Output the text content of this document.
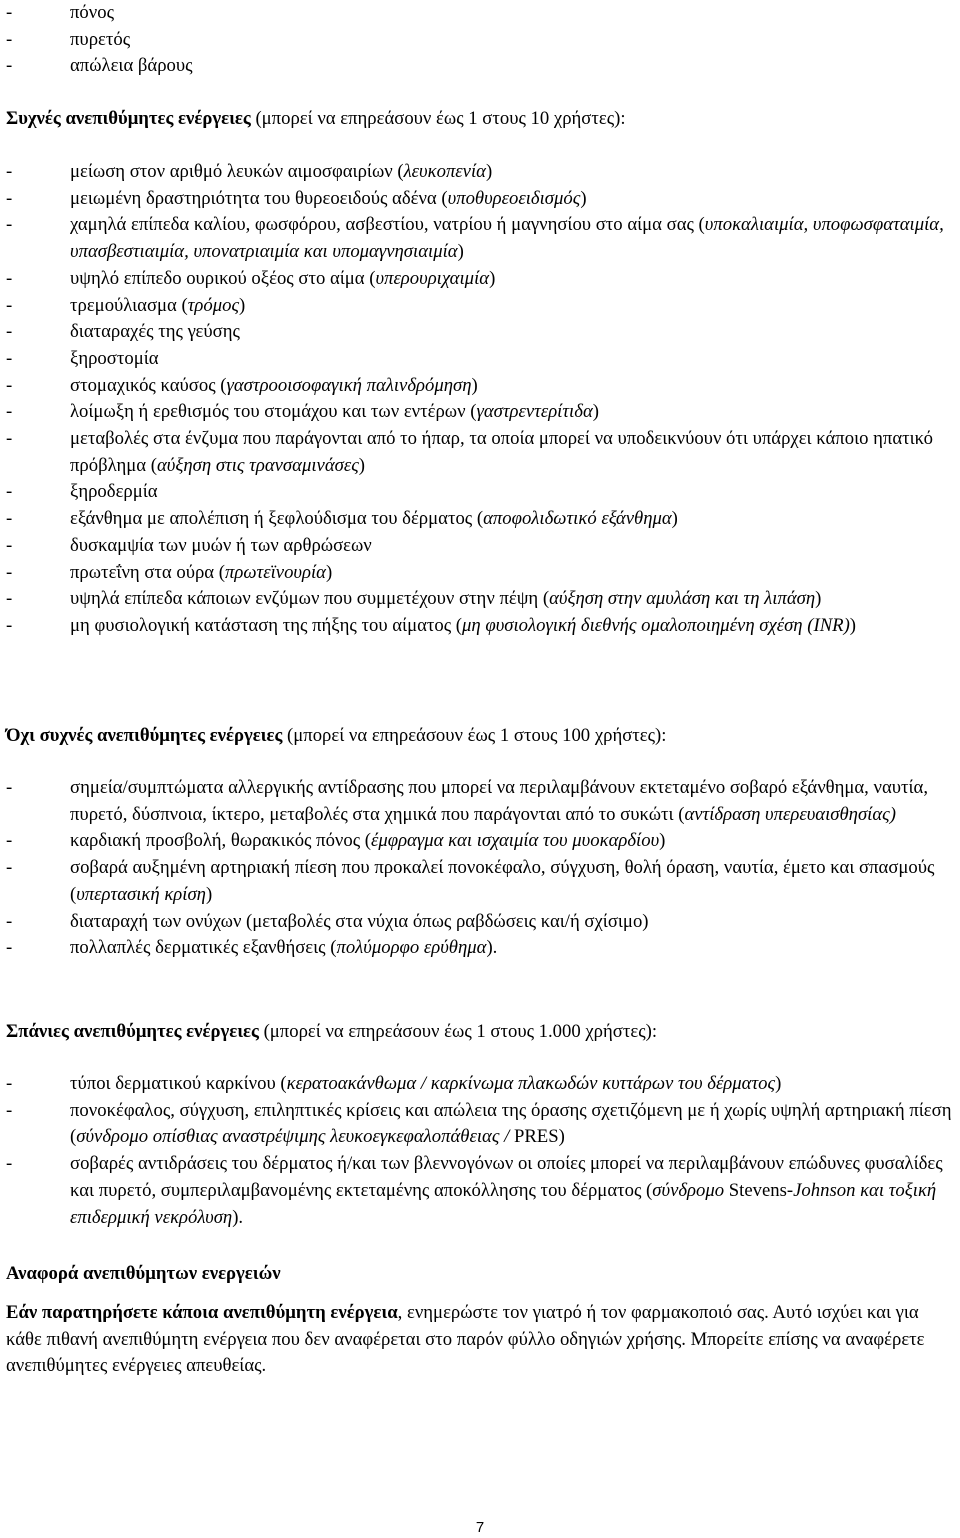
-	πόνος
-	πυρετός
-	απώλεια βάρους

Συχνές ανεπιθύμητες ενέργειες (μπορεί να επηρεάσουν έως 1 στους 10 χρήστες):

-	μείωση στον αριθμό λευκών αιμοσφαιρίων (λευκοπενία)
-	μειωμένη δραστηριότητα του θυρεοειδούς αδένα (υποθυρεοειδισμός)
-	χαμηλά επίπεδα καλίου, φωσφόρου, ασβεστίου, νατρίου ή μαγνησίου στο αίμα σας (υποκαλιαιμία, υποφωσφαταιμία, υπασβεστιαιμία, υπονατριαιμία και υπομαγνησιαιμία)
-	υψηλό επίπεδο ουρικού οξέος στο αίμα (υπερουριχαιμία)
-	τρεμούλιασμα (τρόμος)
-	διαταραχές της γεύσης
-	ξηροστομία
-	στομαχικός καύσος (γαστροοισοφαγική παλινδρόμηση)
-	λοίμωξη ή ερεθισμός του στομάχου και των εντέρων (γαστρεντερίτιδα)
-	μεταβολές στα ένζυμα που παράγονται από το ήπαρ, τα οποία μπορεί να υποδεικνύουν ότι υπάρχει κάποιο ηπατικό πρόβλημα (αύξηση στις τρανσαμινάσες)
-	ξηροδερμία
-	εξάνθημα με απολέπιση ή ξεφλούδισμα του δέρματος (αποφολιδωτικό εξάνθημα)
-	δυσκαμψία των μυών ή των αρθρώσεων
-	πρωτεΐνη στα ούρα (πρωτεϊνουρία)
-	υψηλά επίπεδα κάποιων ενζύμων που συμμετέχουν στην πέψη (αύξηση στην αμυλάση και τη λιπάση)
-	μη φυσιολογική κατάσταση της πήξης του αίματος (μη φυσιολογική διεθνής ομαλοποιημένη σχέση (INR))

Όχι συχνές ανεπιθύμητες ενέργειες (μπορεί να επηρεάσουν έως 1 στους 100 χρήστες):

-	σημεία/συμπτώματα αλλεργικής αντίδρασης που μπορεί να περιλαμβάνουν εκτεταμένο σοβαρό εξάνθημα, ναυτία, πυρετό, δύσπνοια, ίκτερο, μεταβολές στα χημικά που παράγονται από το συκώτι (αντίδραση υπερευαισθησίας)
-	καρδιακή προσβολή, θωρακικός πόνος (έμφραγμα και ισχαιμία του μυοκαρδίου)
-	σοβαρά αυξημένη αρτηριακή πίεση που προκαλεί πονοκέφαλο, σύγχυση, θολή όραση, ναυτία, έμετο και σπασμούς (υπερτασική κρίση)
-	διαταραχή των ονύχων (μεταβολές στα νύχια όπως ραβδώσεις και/ή σχίσιμο)
-	πολλαπλές δερματικές εξανθήσεις (πολύμορφο ερύθημα).

Σπάνιες ανεπιθύμητες ενέργειες (μπορεί να επηρεάσουν έως 1 στους 1.000 χρήστες):

-	τύποι δερματικού καρκίνου (κερατοακάνθωμα / καρκίνωμα πλακωδών κυττάρων του δέρματος)
-	πονοκέφαλος, σύγχυση, επιληπτικές κρίσεις και απώλεια της όρασης σχετιζόμενη με ή χωρίς υψηλή αρτηριακή πίεση (σύνδρομο οπίσθιας αναστρέψιμης λευκοεγκεφαλοπάθειας / PRES)
-	σοβαρές αντιδράσεις του δέρματος ή/και των βλεννογόνων οι οποίες μπορεί να περιλαμβάνουν επώδυνες φυσαλίδες και πυρετό, συμπεριλαμβανομένης εκτεταμένης αποκόλλησης του δέρματος (σύνδρομο Stevens-Johnson και τοξική επιδερμική νεκρόλυση).

Αναφορά ανεπιθύμητων ενεργειών

Εάν παρατηρήσετε κάποια ανεπιθύμητη ενέργεια, ενημερώστε τον γιατρό ή τον φαρμακοποιό σας. Αυτό ισχύει και για κάθε πιθανή ανεπιθύμητη ενέργεια που δεν αναφέρεται στο παρόν φύλλο οδηγιών χρήσης. Μπορείτε επίσης να αναφέρετε ανεπιθύμητες ενέργειες απευθείας.

7
